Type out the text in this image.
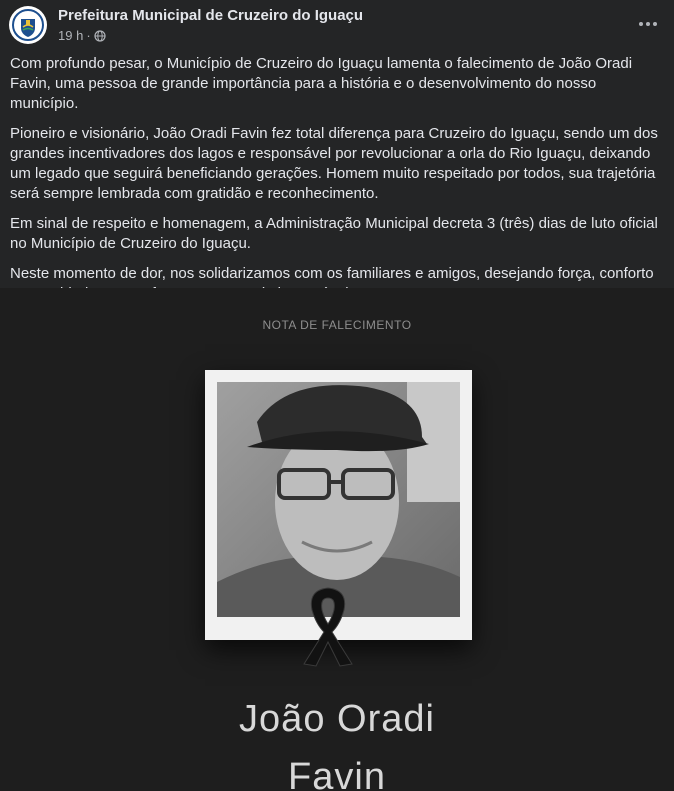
Prefeitura Municipal de Cruzeiro do Iguaçu
19 h ·

Com profundo pesar, o Município de Cruzeiro do Iguaçu lamenta o falecimento de João Oradi Favin, uma pessoa de grande importância para a história e o desenvolvimento do nosso município.

Pioneiro e visionário, João Oradi Favin fez total diferença para Cruzeiro do Iguaçu, sendo um dos grandes incentivadores dos lagos e responsável por revolucionar a orla do Rio Iguaçu, deixando um legado que seguirá beneficiando gerações. Homem muito respeitado por todos, sua trajetória será sempre lembrada com gratidão e reconhecimento.

Em sinal de respeito e homenagem, a Administração Municipal decreta 3 (três) dias de luto oficial no Município de Cruzeiro do Iguaçu.

Neste momento de dor, nos solidarizamos com os familiares e amigos, desejando força, conforto

NOTA DE FALECIMENTO
João Oradi
Favin
